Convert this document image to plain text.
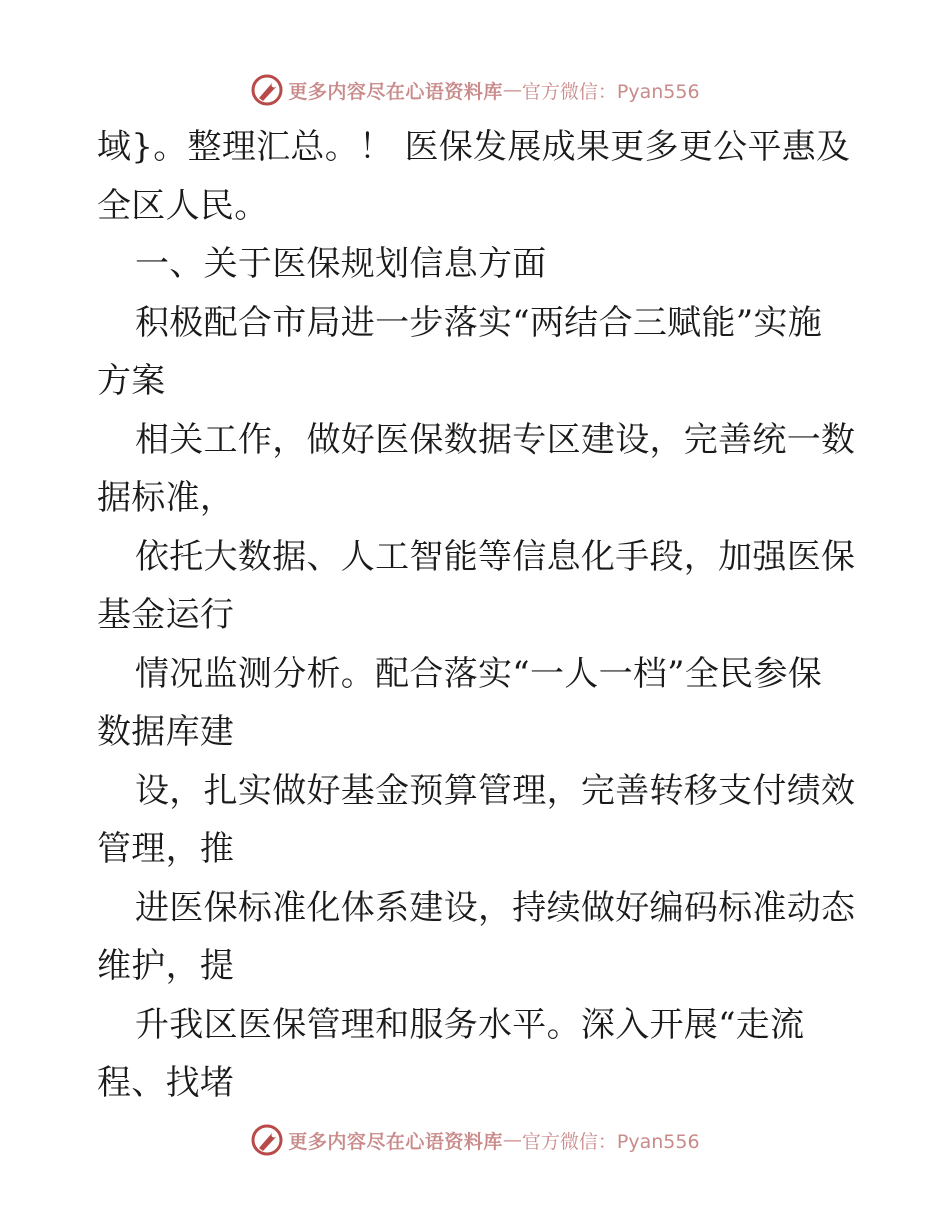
更多内容尽在心语资料库 — 官方微信：Pyan556
域}。整理汇总。！ 医保发展成果更多更公平惠及
全区人民。
一、关于医保规划信息方面
积极配合市局进一步落实“两结合三赋能”实施
方案
相关工作，做好医保数据专区建设，完善统一数
据标准，
依托大数据、人工智能等信息化手段，加强医保
基金运行
情况监测分析。配合落实“一人一档”全民参保
数据库建
设，扎实做好基金预算管理，完善转移支付绩效
管理，推
进医保标准化体系建设，持续做好编码标准动态
维护，提
升我区医保管理和服务水平。深入开展“走流
程、找堵
更多内容尽在心语资料库 — 官方微信：Pyan556
